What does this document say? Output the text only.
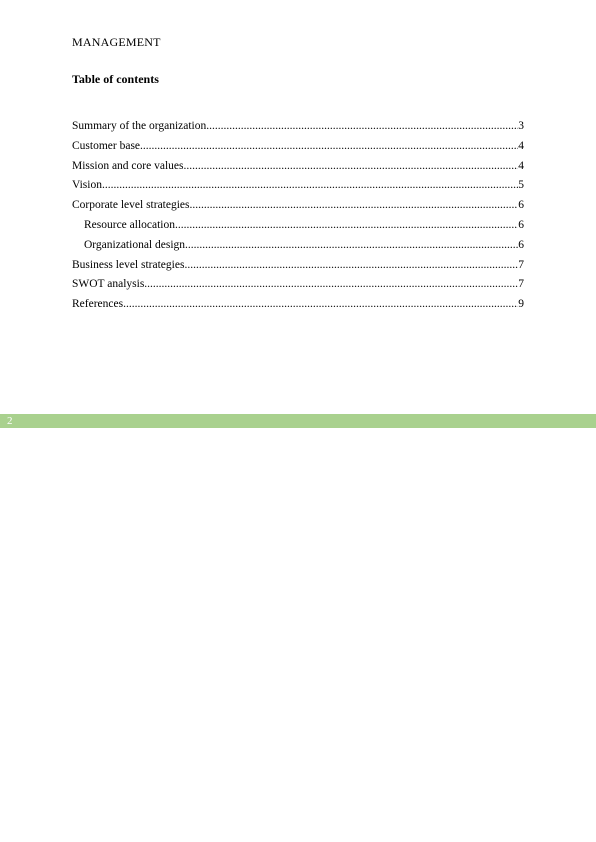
MANAGEMENT
Table of contents
Summary of the organization .....	3
Customer base .....	4
Mission and core values .....	4
Vision .....	5
Corporate level strategies .....	6
Resource allocation .....	6
Organizational design .....	6
Business level strategies .....	7
SWOT analysis .....	7
References .....	9
2
